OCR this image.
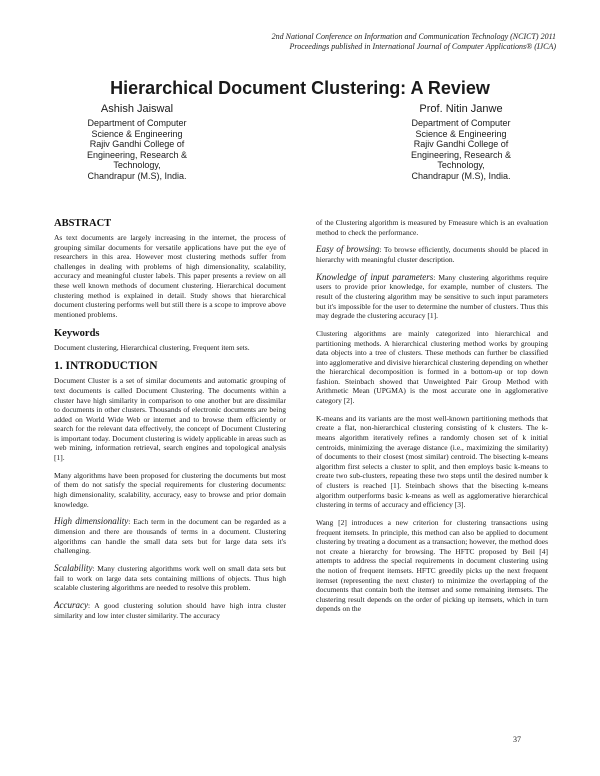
2nd National Conference on Information and Communication Technology (NCICT) 2011
Proceedings published in International Journal of Computer Applications® (IJCA)
Hierarchical Document Clustering: A Review
Ashish Jaiswal
Department of Computer
Science & Engineering
Rajiv Gandhi College of
Engineering, Research &
Technology,
Chandrapur (M.S), India.
Prof. Nitin Janwe
Department of Computer
Science & Engineering
Rajiv Gandhi College of
Engineering, Research &
Technology,
Chandrapur (M.S), India.
ABSTRACT

As text documents are largely increasing in the internet, the process of grouping similar documents for versatile applications have put the eye of researchers in this area. However most clustering methods suffer from challenges in dealing with problems of high dimensionality, scalability, accuracy and meaningful cluster labels. This paper presents a review on all these well known methods of document clustering. Hierarchical document clustering method is explained in detail. Study shows that hierarchical document clustering performs well but still there is a scope to improve above mentioned problems.

Keywords

Document clustering, Hierarchical clustering, Frequent item sets.

1. INTRODUCTION

Document Cluster is a set of similar documents and automatic grouping of text documents is called Document Clustering. The documents within a cluster have high similarity in comparison to one another but are dissimilar to documents in other clusters. Thousands of electronic documents are being added on World Wide Web or internet and to browse them efficiently or search for the relevant data effectively, the concept of Document Clustering is important today. Document clustering is widely applicable in areas such as web mining, information retrieval, search engines and topological analysis [1].

Many algorithms have been proposed for clustering the documents but most of them do not satisfy the special requirements for clustering documents: high dimensionality, scalability, accuracy, easy to browse and prior domain knowledge.

High dimensionality: Each term in the document can be regarded as a dimension and there are thousands of terms in a document. Clustering algorithms can handle the small data sets but for large data sets it's challenging.

Scalability: Many clustering algorithms work well on small data sets but fail to work on large data sets containing millions of objects. Thus high scalable clustering algorithms are needed to resolve this problem.

Accuracy: A good clustering solution should have high intra cluster similarity and low inter cluster similarity. The accuracy

of the Clustering algorithm is measured by Fmeasure which is an evaluation method to check the performance.

Easy of browsing: To browse efficiently, documents should be placed in hierarchy with meaningful cluster description.

Knowledge of input parameters: Many clustering algorithms require users to provide prior knowledge, for example, number of clusters. The result of the clustering algorithm may be sensitive to such input parameters but it's impossible for the user to determine the number of clusters. Thus this may degrade the clustering accuracy [1].

Clustering algorithms are mainly categorized into hierarchical and partitioning methods. A hierarchical clustering method works by grouping data objects into a tree of clusters. These methods can further be classified into agglomerative and divisive hierarchical clustering depending on whether the hierarchical decomposition is formed in a bottom-up or top down fashion. Steinbach showed that Unweighted Pair Group Method with Arithmetic Mean (UPGMA) is the most accurate one in agglomerative category [2].

K-means and its variants are the most well-known partitioning methods that create a flat, non-hierarchical clustering consisting of k clusters. The k-means algorithm iteratively refines a randomly chosen set of k initial centroids, minimizing the average distance (i.e., maximizing the similarity) of documents to their closest (most similar) centroid. The bisecting k-means algorithm first selects a cluster to split, and then employs basic k-means to create two sub-clusters, repeating these two steps until the desired number k of clusters is reached [1]. Steinbach shows that the bisecting k-means algorithm outperforms basic k-means as well as agglomerative hierarchical clustering in terms of accuracy and efficiency [3].

Wang [2] introduces a new criterion for clustering transactions using frequent itemsets. In principle, this method can also be applied to document clustering by treating a document as a transaction; however, the method does not create a hierarchy for browsing. The HFTC proposed by Beil [4] attempts to address the special requirements in document clustering using the notion of frequent itemsets. HFTC greedily picks up the next frequent itemset (representing the next cluster) to minimize the overlapping of the documents that contain both the itemset and some remaining itemsets. The clustering result depends on the order of picking up itemsets, which in turn depends on the

37
